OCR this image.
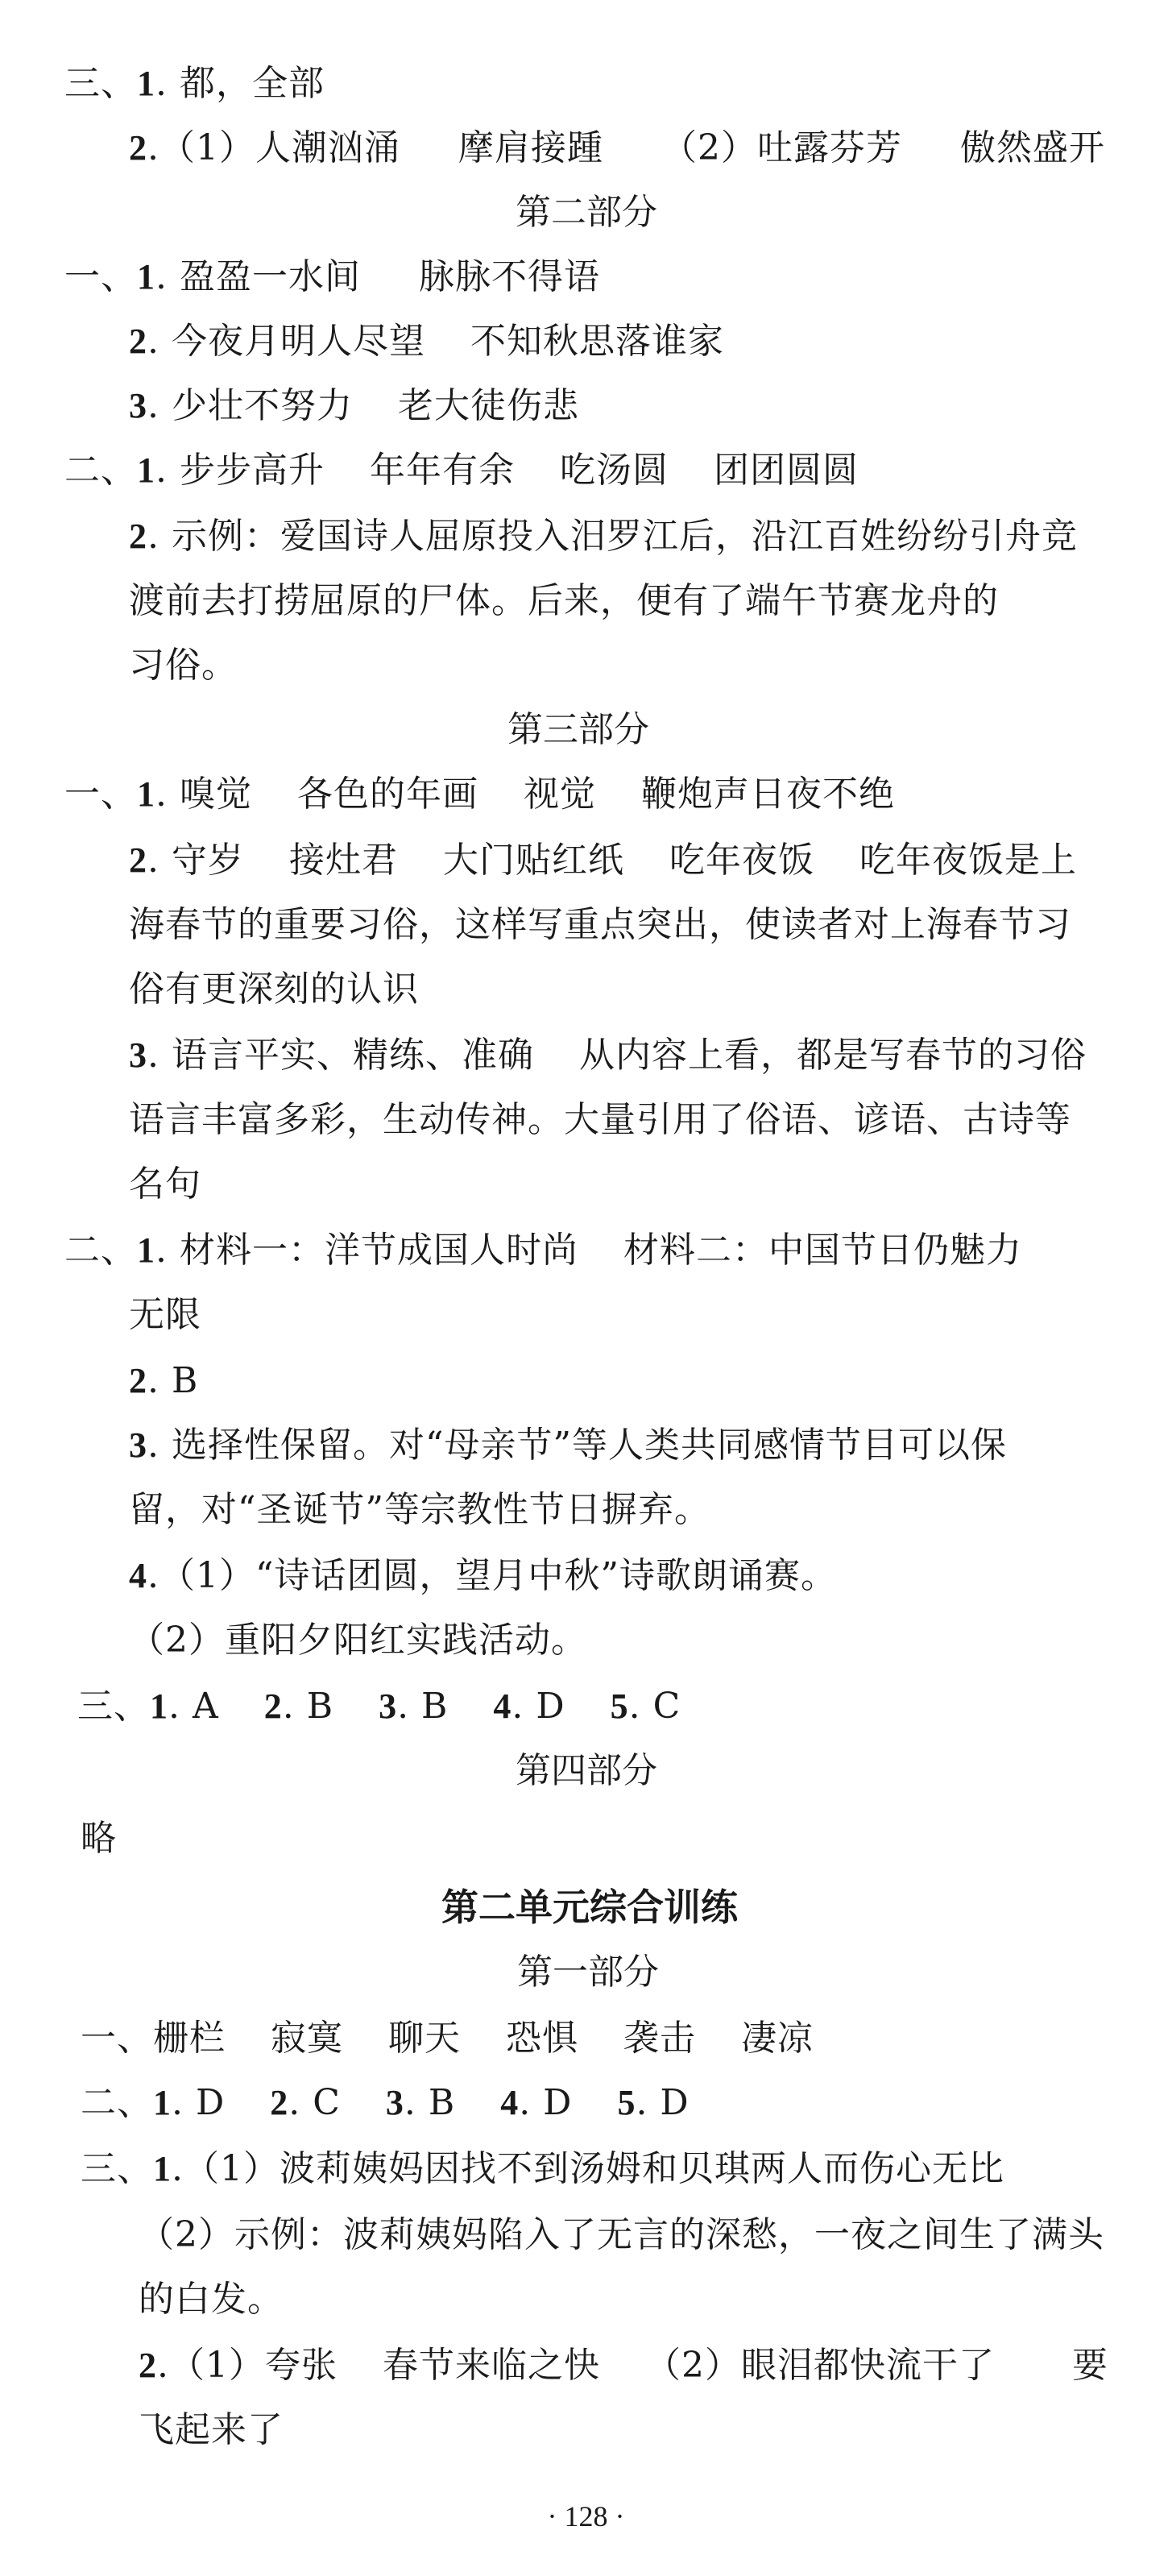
三、1. 都，全部
2.（1）人潮汹涌 摩肩接踵 （2）吐露芬芳 傲然盛开
第二部分
一、1. 盈盈一水间 脉脉不得语
2. 今夜月明人尽望 不知秋思落谁家
3. 少壮不努力 老大徒伤悲
二、1. 步步高升 年年有余 吃汤圆 团团圆圆
2. 示例：爱国诗人屈原投入汨罗江后，沿江百姓纷纷引舟竞
渡前去打捞屈原的尸体。后来，便有了端午节赛龙舟的
习俗。
第三部分
一、1. 嗅觉 各色的年画 视觉 鞭炮声日夜不绝
2. 守岁 接灶君 大门贴红纸 吃年夜饭 吃年夜饭是上
海春节的重要习俗，这样写重点突出，使读者对上海春节习
俗有更深刻的认识
3. 语言平实、精练、准确 从内容上看，都是写春节的习俗
语言丰富多彩，生动传神。大量引用了俗语、谚语、古诗等
名句
二、1. 材料一：洋节成国人时尚 材料二：中国节日仍魅力
无限
2. B
3. 选择性保留。对“母亲节”等人类共同感情节目可以保
留，对“圣诞节”等宗教性节日摒弃。
4.（1）“诗话团圆，望月中秋”诗歌朗诵赛。
（2）重阳夕阳红实践活动。
三、1. A 2. B 3. B 4. D 5. C
第四部分
略
第二单元综合训练
第一部分
一、栅栏 寂寞 聊天 恐惧 袭击 凄凉
二、1. D 2. C 3. B 4. D 5. D
三、1.（1）波莉姨妈因找不到汤姆和贝琪两人而伤心无比
（2）示例：波莉姨妈陷入了无言的深愁，一夜之间生了满头
的白发。
2.（1）夸张 春节来临之快 （2）眼泪都快流干了 要
飞起来了
· 128 ·
